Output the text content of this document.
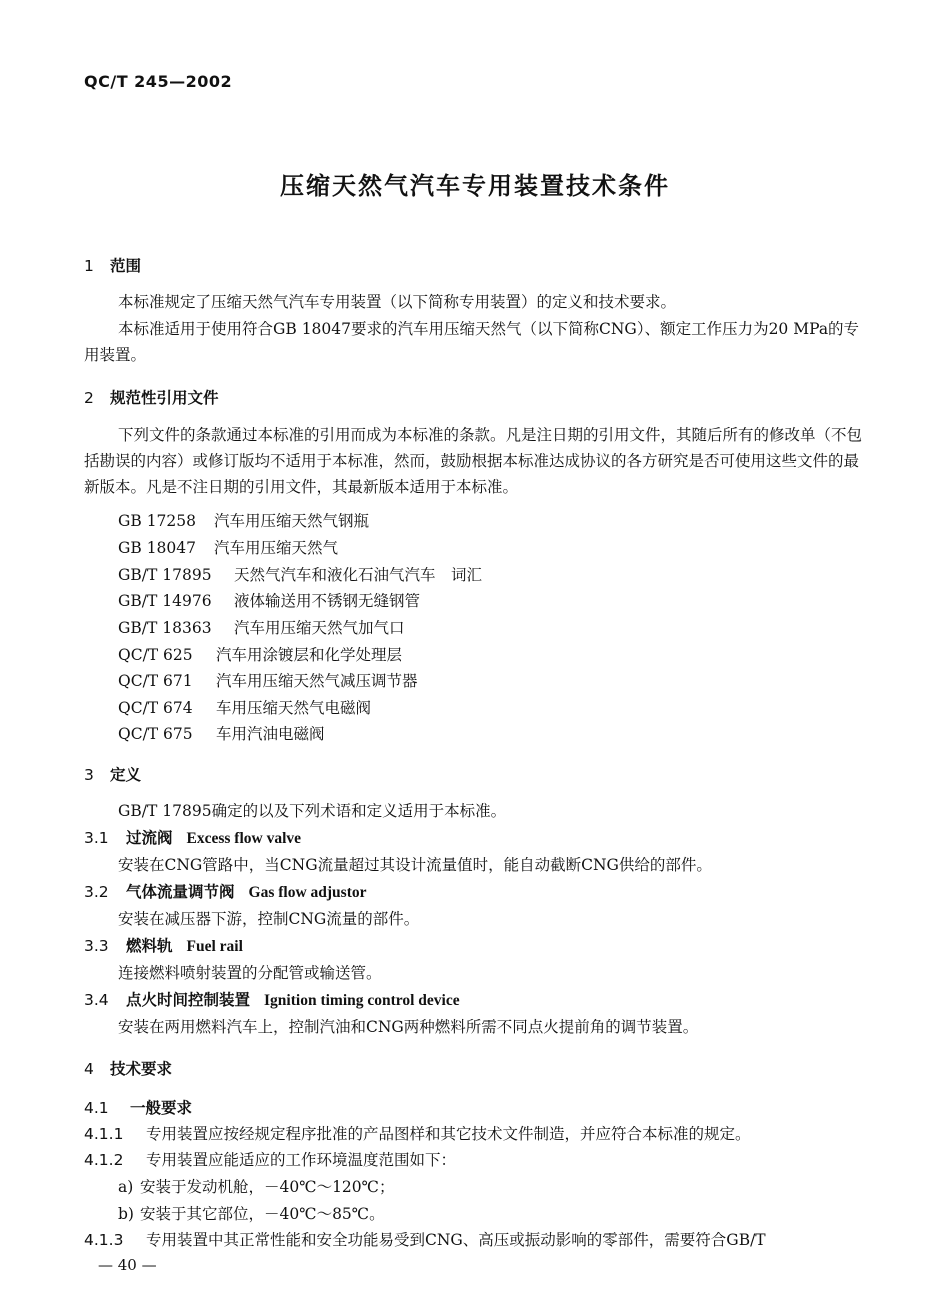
QC/T 245—2002
压缩天然气汽车专用装置技术条件
1 范围
本标准规定了压缩天然气汽车专用装置（以下简称专用装置）的定义和技术要求。
本标准适用于使用符合GB 18047要求的汽车用压缩天然气（以下简称CNG）、额定工作压力为20 MPa的专用装置。
2 规范性引用文件
下列文件的条款通过本标准的引用而成为本标准的条款。凡是注日期的引用文件，其随后所有的修改单（不包括勘误的内容）或修订版均不适用于本标准，然而，鼓励根据本标准达成协议的各方研究是否可使用这些文件的最新版本。凡是不注日期的引用文件，其最新版本适用于本标准。
GB 17258 汽车用压缩天然气钢瓶
GB 18047 汽车用压缩天然气
GB/T 17895 天然气汽车和液化石油气汽车　词汇
GB/T 14976 液体输送用不锈钢无缝钢管
GB/T 18363 汽车用压缩天然气加气口
QC/T 625 汽车用涂镀层和化学处理层
QC/T 671 汽车用压缩天然气减压调节器
QC/T 674 车用压缩天然气电磁阀
QC/T 675 车用汽油电磁阀
3 定义
GB/T 17895确定的以及下列术语和定义适用于本标准。
3.1 过流阀 Excess flow valve
安装在CNG管路中，当CNG流量超过其设计流量值时，能自动截断CNG供给的部件。
3.2 气体流量调节阀 Gas flow adjustor
安装在减压器下游，控制CNG流量的部件。
3.3 燃料轨 Fuel rail
连接燃料喷射装置的分配管或输送管。
3.4 点火时间控制装置 Ignition timing control device
安装在两用燃料汽车上，控制汽油和CNG两种燃料所需不同点火提前角的调节装置。
4 技术要求
4.1 一般要求
4.1.1 专用装置应按经规定程序批准的产品图样和其它技术文件制造，并应符合本标准的规定。
4.1.2 专用装置应能适应的工作环境温度范围如下：
a) 安装于发动机舱，－40℃～120℃；
b) 安装于其它部位，－40℃～85℃。
4.1.3 专用装置中其正常性能和安全功能易受到CNG、高压或振动影响的零部件，需要符合GB/T
— 40 —
